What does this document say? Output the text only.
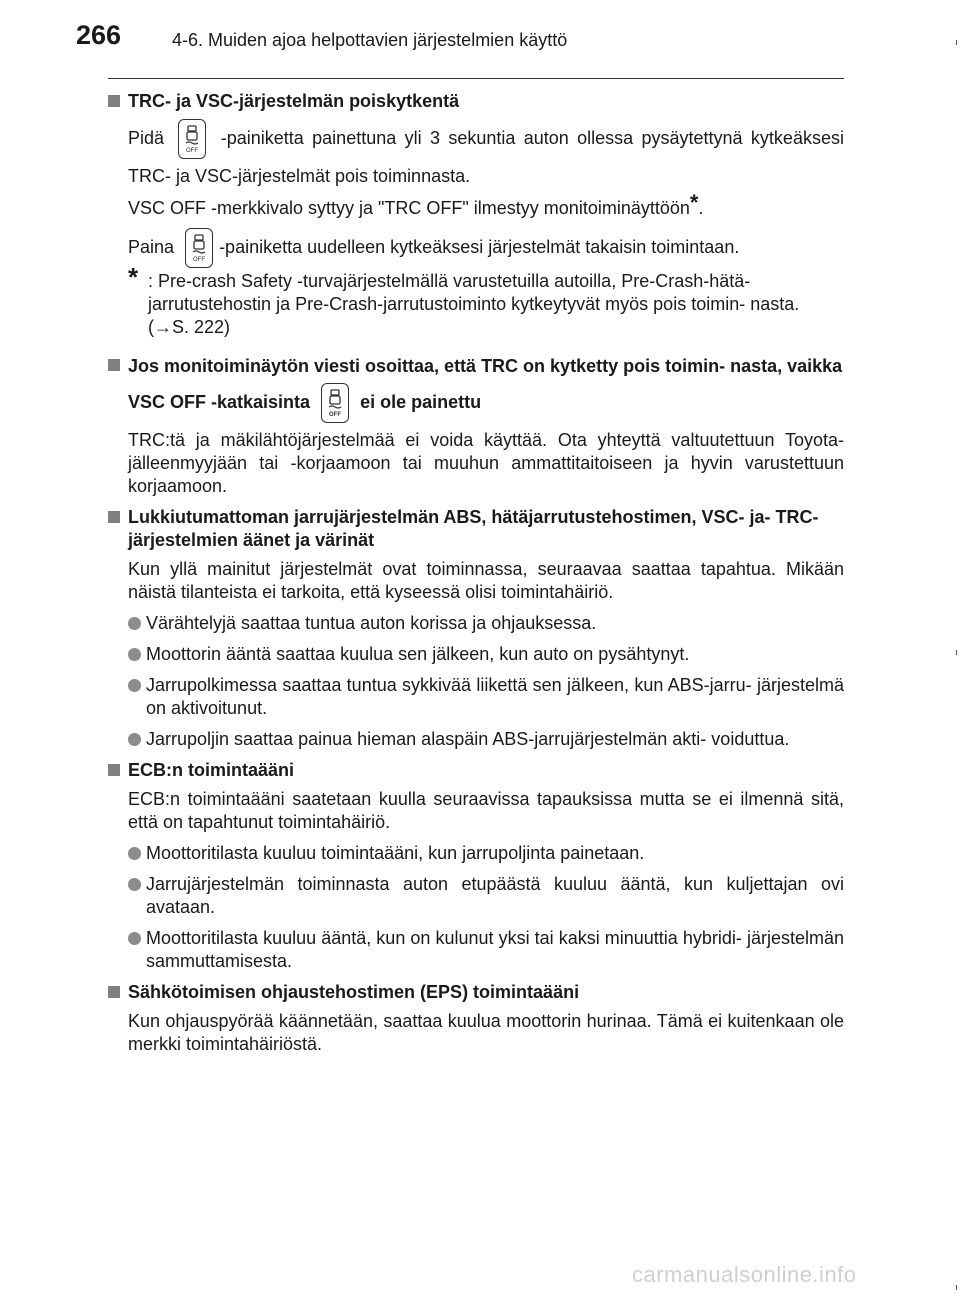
266	4-6. Muiden ajoa helpottavien järjestelmien käyttö
TRC- ja VSC-järjestelmän poiskytkentä
Pidä
OFF
-painiketta painettuna yli 3 sekuntia auton ollessa pysäytettynä kytkeäksesi TRC- ja VSC-järjestelmät pois toiminnasta.
VSC OFF -merkkivalo syttyy ja "TRC OFF" ilmestyy monitoiminäyttöön*.
Paina
OFF
-painiketta uudelleen kytkeäksesi järjestelmät takaisin toimintaan.
* : Pre-crash Safety -turvajärjestelmällä varustetuilla autoilla, Pre-Crash-hätä- jarrutustehostin ja Pre-Crash-jarrutustoiminto kytkeytyvät myös pois toimin- nasta. (→S. 222)
Jos monitoiminäytön viesti osoittaa, että TRC on kytketty pois toimin- nasta, vaikka VSC OFF -katkaisinta
OFF
ei ole painettu
TRC:tä ja mäkilähtöjärjestelmää ei voida käyttää. Ota yhteyttä valtuutettuun Toyota-jälleenmyyjään tai -korjaamoon tai muuhun ammattitaitoiseen ja hyvin varustettuun korjaamoon.
Lukkiutumattoman jarrujärjestelmän ABS, hätäjarrutustehostimen, VSC- ja- TRC-järjestelmien äänet ja värinät
Kun yllä mainitut järjestelmät ovat toiminnassa, seuraavaa saattaa tapahtua. Mikään näistä tilanteista ei tarkoita, että kyseessä olisi toimintahäiriö.
Värähtelyjä saattaa tuntua auton korissa ja ohjauksessa.
Moottorin ääntä saattaa kuulua sen jälkeen, kun auto on pysähtynyt.
Jarrupolkimessa saattaa tuntua sykkivää liikettä sen jälkeen, kun ABS-jarru- järjestelmä on aktivoitunut.
Jarrupoljin saattaa painua hieman alaspäin ABS-jarrujärjestelmän akti- voiduttua.
ECB:n toimintaääni
ECB:n toimintaääni saatetaan kuulla seuraavissa tapauksissa mutta se ei ilmennä sitä, että on tapahtunut toimintahäiriö.
Moottoritilasta kuuluu toimintaääni, kun jarrupoljinta painetaan.
Jarrujärjestelmän toiminnasta auton etupäästä kuuluu ääntä, kun kuljettajan ovi avataan.
Moottoritilasta kuuluu ääntä, kun on kulunut yksi tai kaksi minuuttia hybridi- järjestelmän sammuttamisesta.
Sähkötoimisen ohjaustehostimen (EPS) toimintaääni
Kun ohjauspyörää käännetään, saattaa kuulua moottorin hurinaa. Tämä ei kuitenkaan ole merkki toimintahäiriöstä.
carmanualsonline.info
